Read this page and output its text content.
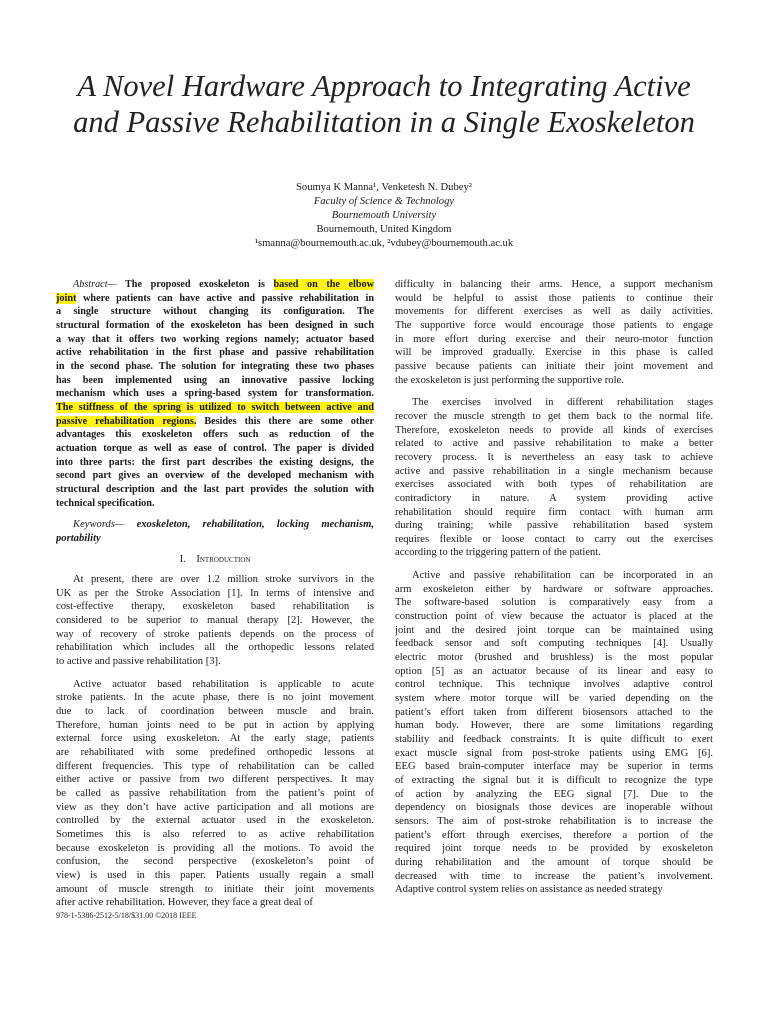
A Novel Hardware Approach to Integrating Active
and Passive Rehabilitation in a Single Exoskeleton
Soumya K Manna¹, Venketesh N. Dubey²
Faculty of Science & Technology
Bournemouth University
Bournemouth, United Kingdom
¹smanna@bournemouth.ac.uk, ²vdubey@bournemouth.ac.uk
Abstract— The proposed exoskeleton is based on the elbow
joint where patients can have active and passive rehabilitation in
a single structure without changing its configuration. The
structural formation of the exoskeleton has been designed in such
a way that it offers two working regions namely; actuator based
active rehabilitation in the first phase and passive rehabilitation
in the second phase. The solution for integrating these two phases
has been implemented using an innovative passive locking
mechanism which uses a spring-based system for transformation.
The stiffness of the spring is utilized to switch between active and
passive rehabilitation regions. Besides this there are some other
advantages this exoskeleton offers such as reduction of the
actuation torque as well as ease of control. The paper is divided
into three parts: the first part describes the existing designs, the
second part gives an overview of the developed mechanism with
structural description and the last part provides the solution with
technical specification.
Keywords— exoskeleton, rehabilitation, locking mechanism,
portability
I. Introduction
At present, there are over 1.2 million stroke survivors in the
UK as per the Stroke Association [1]. In terms of intensive and
cost-effective therapy, exoskeleton based rehabilitation is
considered to be superior to manual therapy [2]. However, the
way of recovery of stroke patients depends on the process of
rehabilitation which includes all the orthopedic lessons related
to active and passive rehabilitation [3].
Active actuator based rehabilitation is applicable to acute
stroke patients. In the acute phase, there is no joint movement
due to lack of coordination between muscle and brain.
Therefore, human joints need to be put in action by applying
external force using exoskeleton. At the early stage, patients
are rehabilitated with some predefined orthopedic lessons at
different frequencies. This type of rehabilitation can be called
either active or passive from two different perspectives. It may
be called as passive rehabilitation from the patient’s point of
view as they don’t have active participation and all motions are
controlled by the external actuator used in the exoskeleton.
Sometimes this is also referred to as active rehabilitation
because exoskeleton is providing all the motions. To avoid the
confusion, the second perspective (exoskeleton’s point of
view) is used in this paper. Patients usually regain a small
amount of muscle strength to initiate their joint movements
after active rehabilitation. However, they face a great deal of
difficulty in balancing their arms. Hence, a support mechanism
would be helpful to assist those patients to continue their
movements for different exercises as well as daily activities.
The supportive force would encourage those patients to engage
in more effort during exercise and their neuro-motor function
will be improved gradually. Exercise in this phase is called
passive because patients can initiate their joint movement and
the exoskeleton is just performing the supportive role.
The exercises involved in different rehabilitation stages
recover the muscle strength to get them back to the normal life.
Therefore, exoskeleton needs to provide all kinds of exercises
related to active and passive rehabilitation to make a better
recovery process. It is nevertheless an easy task to achieve
active and passive rehabilitation in a single mechanism because
exercises associated with both types of rehabilitation are
contradictory in nature. A system providing active
rehabilitation should require firm contact with human arm
during training; while passive rehabilitation based system
requires flexible or loose contact to carry out the exercises
according to the triggering pattern of the patient.
Active and passive rehabilitation can be incorporated in an
arm exoskeleton either by hardware or software approaches.
The software-based solution is comparatively easy from a
construction point of view because the actuator is placed at the
joint and the desired joint torque can be maintained using
feedback sensor and soft computing techniques [4]. Usually
electric motor (brushed and brushless) is the most popular
option [5] as an actuator because of its linear and easy to
control technique. This technique involves adaptive control
system where motor torque will be varied depending on the
patient’s effort taken from different biosensors attached to the
human body. However, there are some limitations regarding
stability and feedback constraints. It is quite difficult to exert
exact muscle signal from post-stroke patients using EMG [6].
EEG based brain-computer interface may be superior in terms
of extracting the signal but it is difficult to recognize the type
of action by analyzing the EEG signal [7]. Due to the
dependency on biosignals those devices are inoperable without
sensors. The aim of post-stroke rehabilitation is to increase the
patient’s effort through exercises, therefore a portion of the
required joint torque needs to be provided by exoskeleton
during rehabilitation and the amount of torque should be
decreased with time to increase the patient’s involvement.
Adaptive control system relies on assistance as needed strategy
978-1-5386-2512-5/18/$31.00 ©2018 IEEE
